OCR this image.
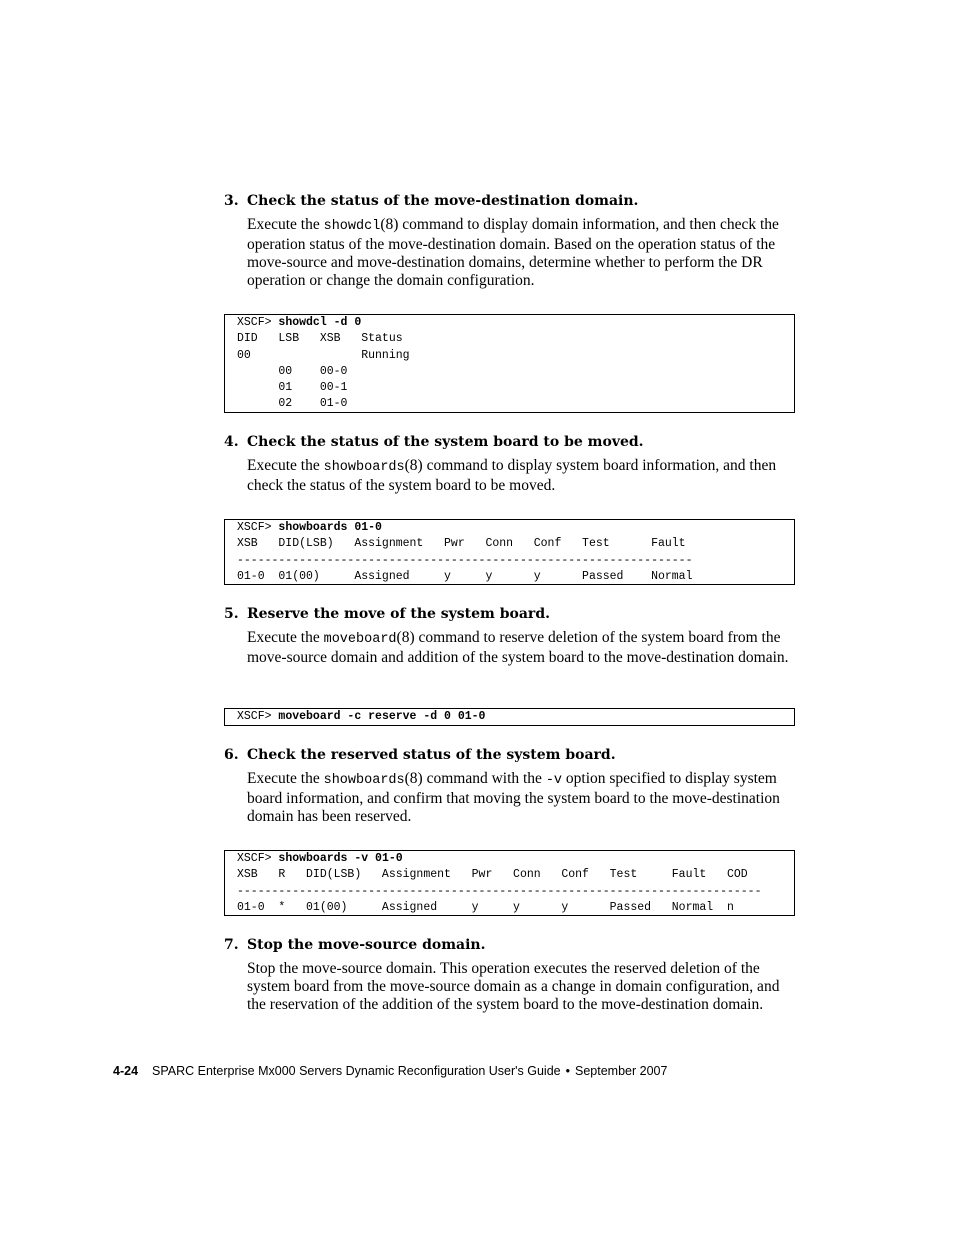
3. Check the status of the move-destination domain.

Execute the showdcl(8) command to display domain information, and then check the operation status of the move-destination domain. Based on the operation status of the move-source and move-destination domains, determine whether to perform the DR operation or change the domain configuration.

XSCF> showdcl -d 0
DID   LSB   XSB   Status
00                Running
00    00-0
01    00-1
02    01-0

4. Check the status of the system board to be moved.

Execute the showboards(8) command to display system board information, and then check the status of the system board to be moved.

XSCF> showboards 01-0
XSB   DID(LSB)   Assignment   Pwr   Conn   Conf   Test      Fault
------------------------------------------------------------------
01-0  01(00)     Assigned     y     y      y      Passed    Normal

5. Reserve the move of the system board.

Execute the moveboard(8) command to reserve deletion of the system board from the move-source domain and addition of the system board to the move-destination domain.

XSCF> moveboard -c reserve -d 0 01-0

6. Check the reserved status of the system board.

Execute the showboards(8) command with the -v option specified to display system board information, and confirm that moving the system board to the move-destination domain has been reserved.

XSCF> showboards -v 01-0
XSB   R   DID(LSB)   Assignment   Pwr   Conn   Conf   Test     Fault   COD
----------------------------------------------------------------------------
01-0  *   01(00)     Assigned     y     y      y      Passed   Normal  n

7. Stop the move-source domain.

Stop the move-source domain. This operation executes the reserved deletion of the system board from the move-source domain as a change in domain configuration, and the reservation of the addition of the system board to the move-destination domain.

4-24 SPARC Enterprise Mx000 Servers Dynamic Reconfiguration User's Guide • September 2007
